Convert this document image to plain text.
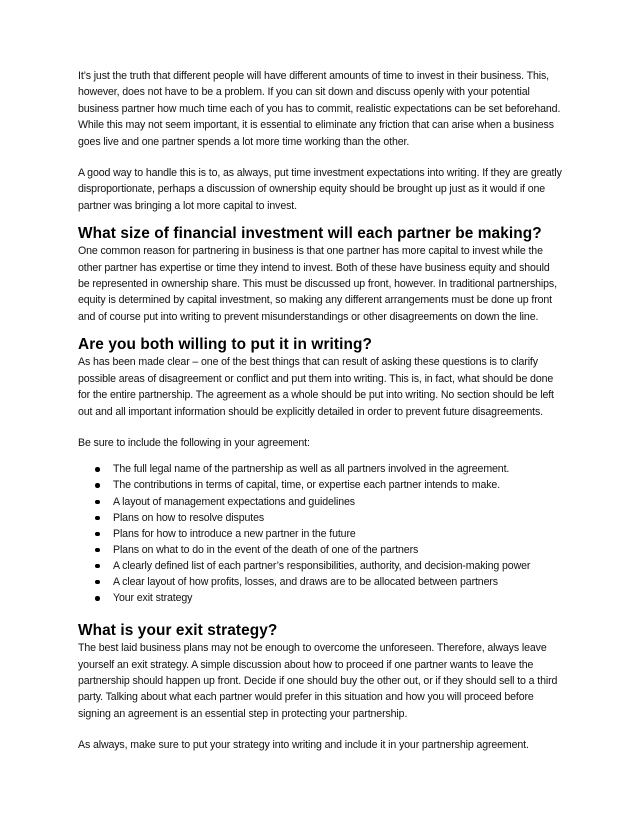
It’s just the truth that different people will have different amounts of time to invest in their business. This, however, does not have to be a problem. If you can sit down and discuss openly with your potential business partner how much time each of you has to commit, realistic expectations can be set beforehand. While this may not seem important, it is essential to eliminate any friction that can arise when a business goes live and one partner spends a lot more time working than the other.

A good way to handle this is to, as always, put time investment expectations into writing. If they are greatly disproportionate, perhaps a discussion of ownership equity should be brought up just as it would if one partner was bringing a lot more capital to invest.

What size of financial investment will each partner be making?

One common reason for partnering in business is that one partner has more capital to invest while the other partner has expertise or time they intend to invest. Both of these have business equity and should be represented in ownership share. This must be discussed up front, however. In traditional partnerships, equity is determined by capital investment, so making any different arrangements must be done up front and of course put into writing to prevent misunderstandings or other disagreements on down the line.

Are you both willing to put it in writing?

As has been made clear – one of the best things that can result of asking these questions is to clarify possible areas of disagreement or conflict and put them into writing. This is, in fact, what should be done for the entire partnership. The agreement as a whole should be put into writing. No section should be left out and all important information should be explicitly detailed in order to prevent future disagreements.

Be sure to include the following in your agreement:

The full legal name of the partnership as well as all partners involved in the agreement.
The contributions in terms of capital, time, or expertise each partner intends to make.
A layout of management expectations and guidelines
Plans on how to resolve disputes
Plans for how to introduce a new partner in the future
Plans on what to do in the event of the death of one of the partners
A clearly defined list of each partner’s responsibilities, authority, and decision-making power
A clear layout of how profits, losses, and draws are to be allocated between partners
Your exit strategy
What is your exit strategy?

The best laid business plans may not be enough to overcome the unforeseen. Therefore, always leave yourself an exit strategy. A simple discussion about how to proceed if one partner wants to leave the partnership should happen up front. Decide if one should buy the other out, or if they should sell to a third party. Talking about what each partner would prefer in this situation and how you will proceed before signing an agreement is an essential step in protecting your partnership.

As always, make sure to put your strategy into writing and include it in your partnership agreement.
